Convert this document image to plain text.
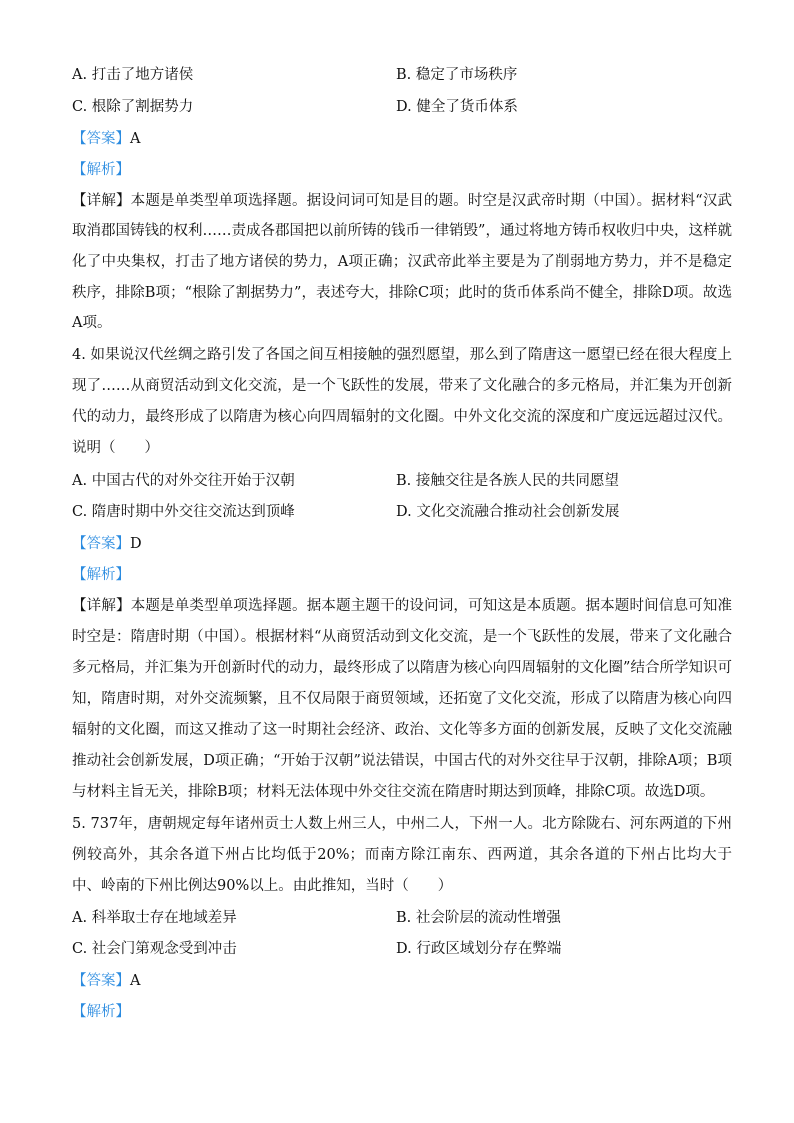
A. 打击了地方诸侯	B. 稳定了市场秩序
C. 根除了割据势力	D. 健全了货币体系
【答案】A
【解析】
【详解】本题是单类型单项选择题。据设问词可知是目的题。时空是汉武帝时期（中国）。据材料“汉武
取消郡国铸钱的权利……责成各郡国把以前所铸的钱币一律销毁”，通过将地方铸币权收归中央，这样就
化了中央集权，打击了地方诸侯的势力，A项正确；汉武帝此举主要是为了削弱地方势力，并不是稳定
秩序，排除B项；“根除了割据势力”，表述夸大，排除C项；此时的货币体系尚不健全，排除D项。故选
A项。
4. 如果说汉代丝绸之路引发了各国之间互相接触的强烈愿望，那么到了隋唐这一愿望已经在很大程度上
现了……从商贸活动到文化交流，是一个飞跃性的发展，带来了文化融合的多元格局，并汇集为开创新
代的动力，最终形成了以隋唐为核心向四周辐射的文化圈。中外文化交流的深度和广度远远超过汉代。
说明（　　）
A. 中国古代的对外交往开始于汉朝	B. 接触交往是各族人民的共同愿望
C. 隋唐时期中外交往交流达到顶峰	D. 文化交流融合推动社会创新发展
【答案】D
【解析】
【详解】本题是单类型单项选择题。据本题主题干的设问词，可知这是本质题。据本题时间信息可知准
时空是：隋唐时期（中国）。根据材料“从商贸活动到文化交流，是一个飞跃性的发展，带来了文化融合
多元格局，并汇集为开创新时代的动力，最终形成了以隋唐为核心向四周辐射的文化圈”结合所学知识可
知，隋唐时期，对外交流频繁，且不仅局限于商贸领域，还拓宽了文化交流，形成了以隋唐为核心向四
辐射的文化圈，而这又推动了这一时期社会经济、政治、文化等多方面的创新发展，反映了文化交流融
推动社会创新发展，D项正确；“开始于汉朝”说法错误，中国古代的对外交往早于汉朝，排除A项；B项
与材料主旨无关，排除B项；材料无法体现中外交往交流在隋唐时期达到顶峰，排除C项。故选D项。
5. 737年，唐朝规定每年诸州贡士人数上州三人，中州二人，下州一人。北方除陇右、河东两道的下州
例较高外，其余各道下州占比均低于20%；而南方除江南东、西两道，其余各道的下州占比均大于
中、岭南的下州比例达90%以上。由此推知，当时（　　）
A. 科举取士存在地域差异	B. 社会阶层的流动性增强
C. 社会门第观念受到冲击	D. 行政区域划分存在弊端
【答案】A
【解析】
